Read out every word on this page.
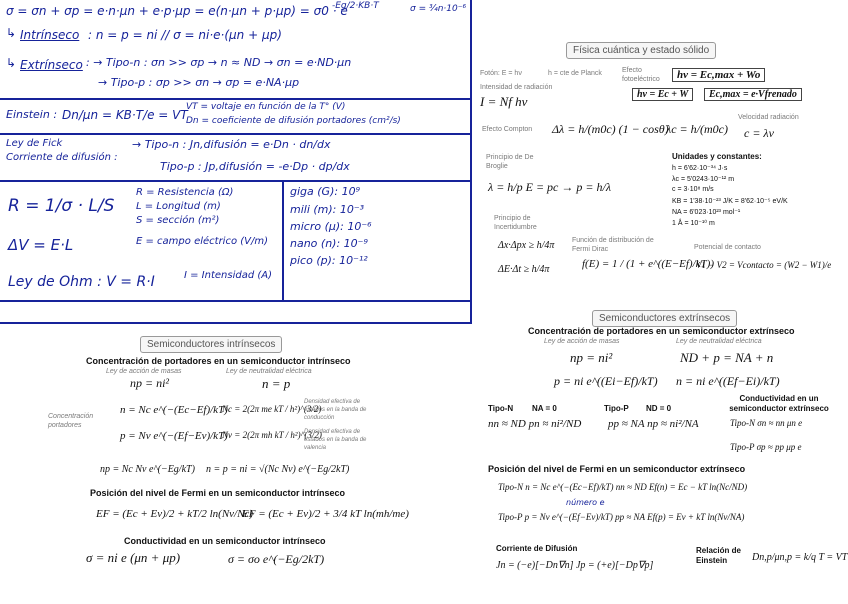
σ = σn + σp = e·n·μn + e·p·μp = e(n·μn + p·μp) = σ0 · e
-Eg/2·KB·T	σ = ¾n·10⁻⁶
↳ Intrínseco : n = p = ni // σ = ni·e·(μn + μp)
↳ Extrínseco : → Tipo-n : σn >> σp → n ≈ ND → σn = e·ND·μn
→ Tipo-p : σp >> σn → σp = e·NA·μp
Einstein : Dn/μn = KB·T/e = VT
VT = voltaje en función de la T° (V)
Dn = coeficiente de difusión portadores (cm²/s)
Ley de Fick
Corriente de difusión :
→ Tipo-n : Jn,difusión = e·Dn · dn/dx
Tipo-p : Jp,difusión = -e·Dp · dp/dx
R = 1/σ · L/S
ΔV = E·L
Ley de Ohm : V = R·I
R = Resistencia (Ω)
L = Longitud (m)
S = sección (m²)
E = campo eléctrico (V/m)
I = Intensidad (A)
giga (G): 10⁹
mili (m): 10⁻³
micro (μ): 10⁻⁶
nano (n): 10⁻⁹
pico (p): 10⁻¹²
Física cuántica y estado sólido
Fotón: E = hν	h = cte de Planck	Efecto fotoeléctrico	hν = Ec,max + Wo
hν = Ec + W	Ec,max = e·Vfrenado
Intensidad de radiación
I = Nf hν
Efecto Compton Δλ = h/(m0c) (1 − cosθ)
λc = h/(m0c)
Velocidad radiación
c = λν
Principio de De Broglie
λ = h/p E = pc → p = h/λ
Unidades y constantes:
h = 6'62·10⁻³⁴ J·s
λc = 5'0243·10⁻¹² m
c = 3·10⁸ m/s
KB = 1'38·10⁻²³ J/K = 8'62·10⁻⁵ eV/K
NA = 6'023·10²³ mol⁻¹
1 Å = 10⁻¹⁰ m
Principio de Incertidumbre
Δx·Δpx ≥ h/4π
ΔE·Δt ≥ h/4π
Función de distribución de Fermi Dirac
f(E) = 1 / (1 + e^((E−Ef)/kT))
Potencial de contacto
V1 − V2 = Vcontacto = (W2 − W1)/e
Semiconductores extrínsecos
Concentración de portadores en un semiconductor extrínseco
Ley de acción de masas	Ley de neutralidad eléctrica
np = ni²	ND + p = NA + n
p = ni e^((Ei−Ef)/kT) n = ni e^((Ef−Ei)/kT)
Tipo-N NA = 0
nn ≈ ND pn ≈ ni²/ND
Tipo-P ND = 0
pp ≈ NA np ≈ ni²/NA
Conductividad en un semiconductor extrínseco
Tipo-N σn ≈ nn μn e
Tipo-P σp ≈ pp μp e
Posición del nivel de Fermi en un semiconductor extrínseco
Tipo-N n = Nc e^(−(Ec−Ef)/kT) nn ≈ ND Ef(n) = Ec − kT ln(Nc/ND)
número e
Tipo-P p = Nv e^(−(Ef−Ev)/kT) pp ≈ NA Ef(p) = Ev + kT ln(Nv/NA)
Corriente de Difusión
Jn = (−e)[−Dn∇n] Jp = (+e)[−Dp∇p]
Relación de Einstein	Dn,p/μn,p = k/q T = VT
Semiconductores intrínsecos
Concentración de portadores en un semiconductor intrínseco
Ley de acción de masas	Ley de neutralidad eléctrica
np = ni²	n = p
Concentración portadores
n = Nc e^(−(Ec−Ef)/kT)
p = Nv e^(−(Ef−Ev)/kT)
Nc = 2(2π me kT / h²)^(3/2)
Nv = 2(2π mh kT / h²)^(3/2)
Densidad efectiva de estados en la banda de conducción
Densidad efectiva de estados en la banda de valencia
np = Nc Nv e^(−Eg/kT) n = p = ni = √(Nc Nv) e^(−Eg/2kT)
Posición del nivel de Fermi en un semiconductor intrínseco
EF = (Ec + Ev)/2 + kT/2 ln(Nv/Nc)
EF = (Ec + Ev)/2 + 3/4 kT ln(mh/me)
Conductividad en un semiconductor intrínseco
σ = ni e (μn + μp)	σ = σo e^(−Eg/2kT)
